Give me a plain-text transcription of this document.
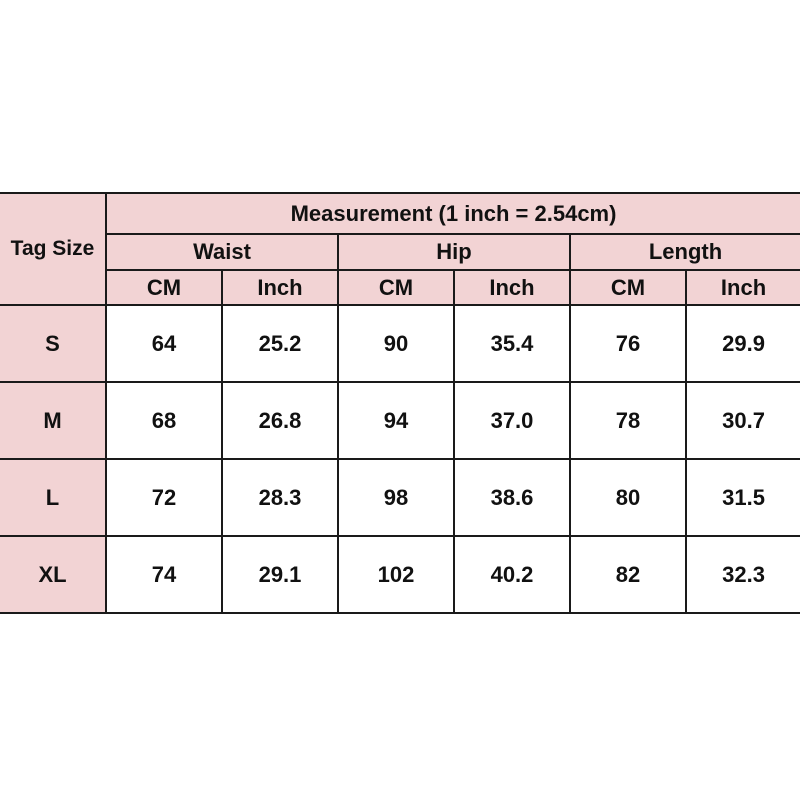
Tag Size	Measurement (1 inch = 2.54cm)					
	Waist		Hip		Length	
	CM	Inch	CM	Inch	CM	Inch
S	64	25.2	90	35.4	76	29.9
M	68	26.8	94	37.0	78	30.7
L	72	28.3	98	38.6	80	31.5
XL	74	29.1	102	40.2	82	32.3
